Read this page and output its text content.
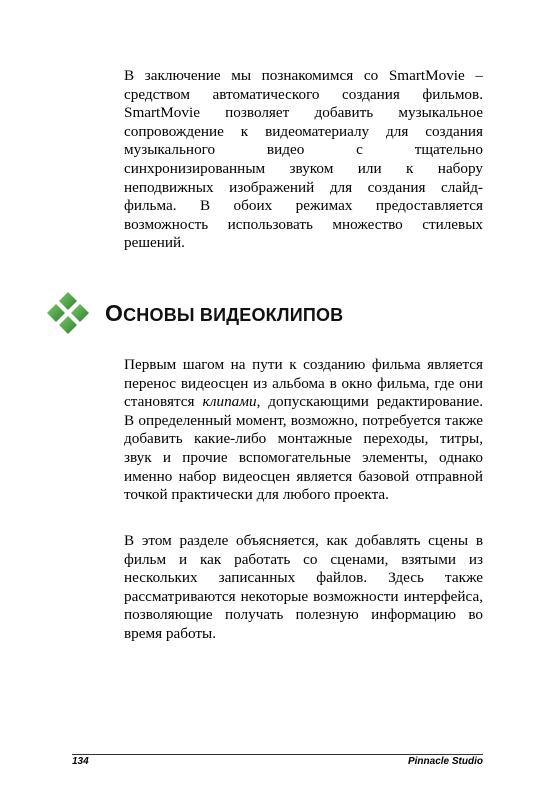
В заключение мы познакомимся со SmartMovie – средством автоматического создания фильмов. SmartMovie позволяет добавить музыкальное сопровождение к видеоматериалу для создания музыкального видео с тщательно синхронизированным звуком или к набору неподвижных изображений для создания слайд-фильма. В обоих режимах предоставляется возможность использовать множество стилевых решений.

ОСНОВЫ ВИДЕОКЛИПОВ

Первым шагом на пути к созданию фильма является перенос видеосцен из альбома в окно фильма, где они становятся клипами, допускающими редактирование. В определенный момент, возможно, потребуется также добавить какие-либо монтажные переходы, титры, звук и прочие вспомогательные элементы, однако именно набор видеосцен является базовой отправной точкой практически для любого проекта.

В этом разделе объясняется, как добавлять сцены в фильм и как работать со сценами, взятыми из нескольких записанных файлов. Здесь также рассматриваются некоторые возможности интерфейса, позволяющие получать полезную информацию во время работы.

134	Pinnacle Studio
